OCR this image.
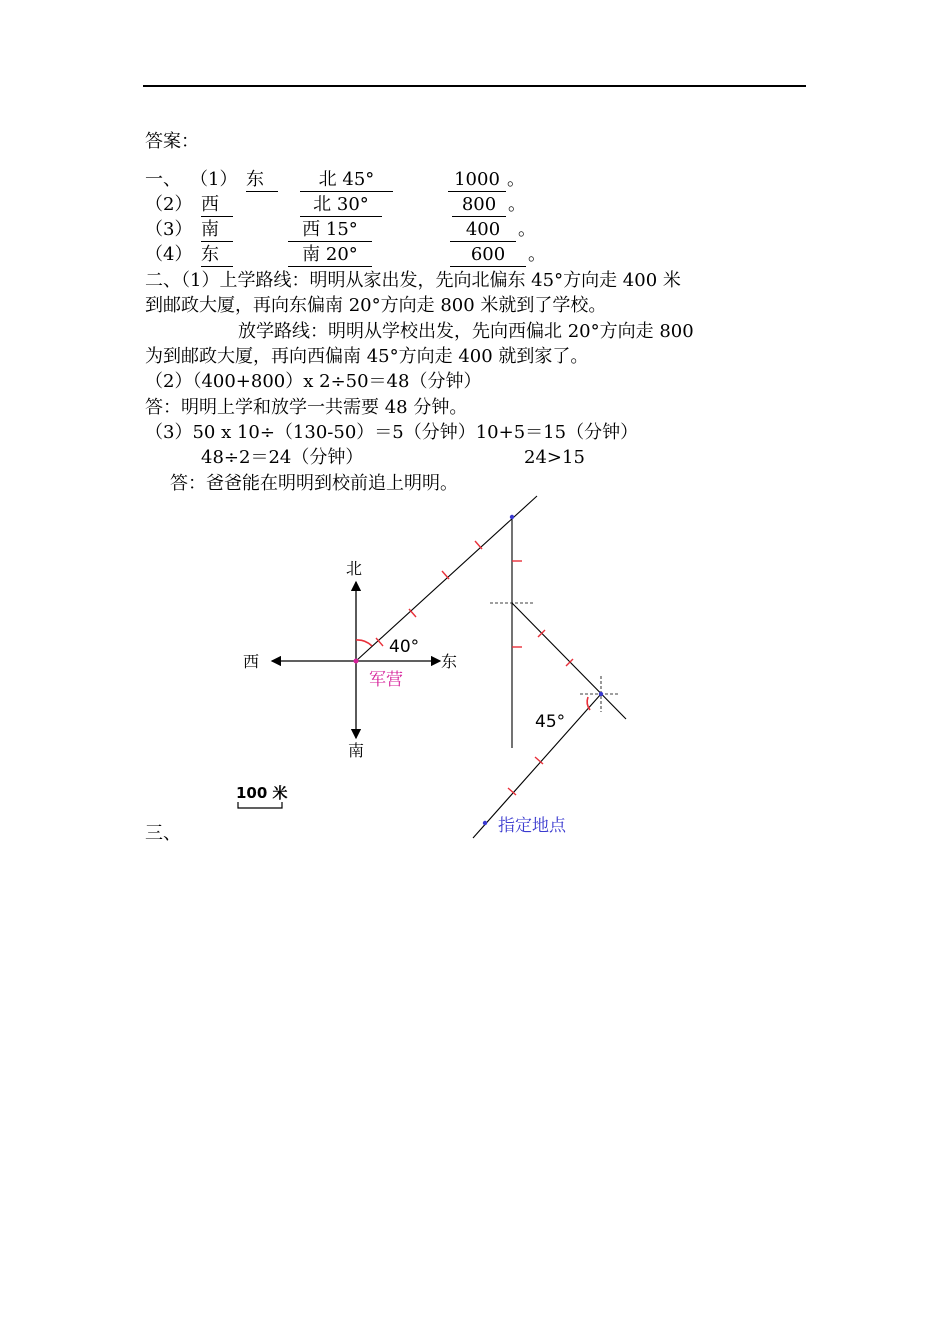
答案：
一、 （1） 东	北 45°	1000 。
（2） 西	北 30°	800 。
（3） 南	西 15°	400 。
（4） 东	南 20°	600	。
二、（1）上学路线：明明从家出发，先向北偏东 45°方向走 400 米
到邮政大厦，再向东偏南 20°方向走 800 米就到了学校。
放学路线：明明从学校出发，先向西偏北 20°方向走 800
为到邮政大厦，再向西偏南 45°方向走 400 就到家了。
（2）（400+800）x 2÷50＝48（分钟）
答：明明上学和放学一共需要 48 分钟。
（3）50 x 10÷（130-50）＝5（分钟）10+5＝15（分钟）
48÷2＝24（分钟）	24>15
答：爸爸能在明明到校前追上明明。
三、
北
南
东
西
40°
45°
军营
指定地点
100 米
